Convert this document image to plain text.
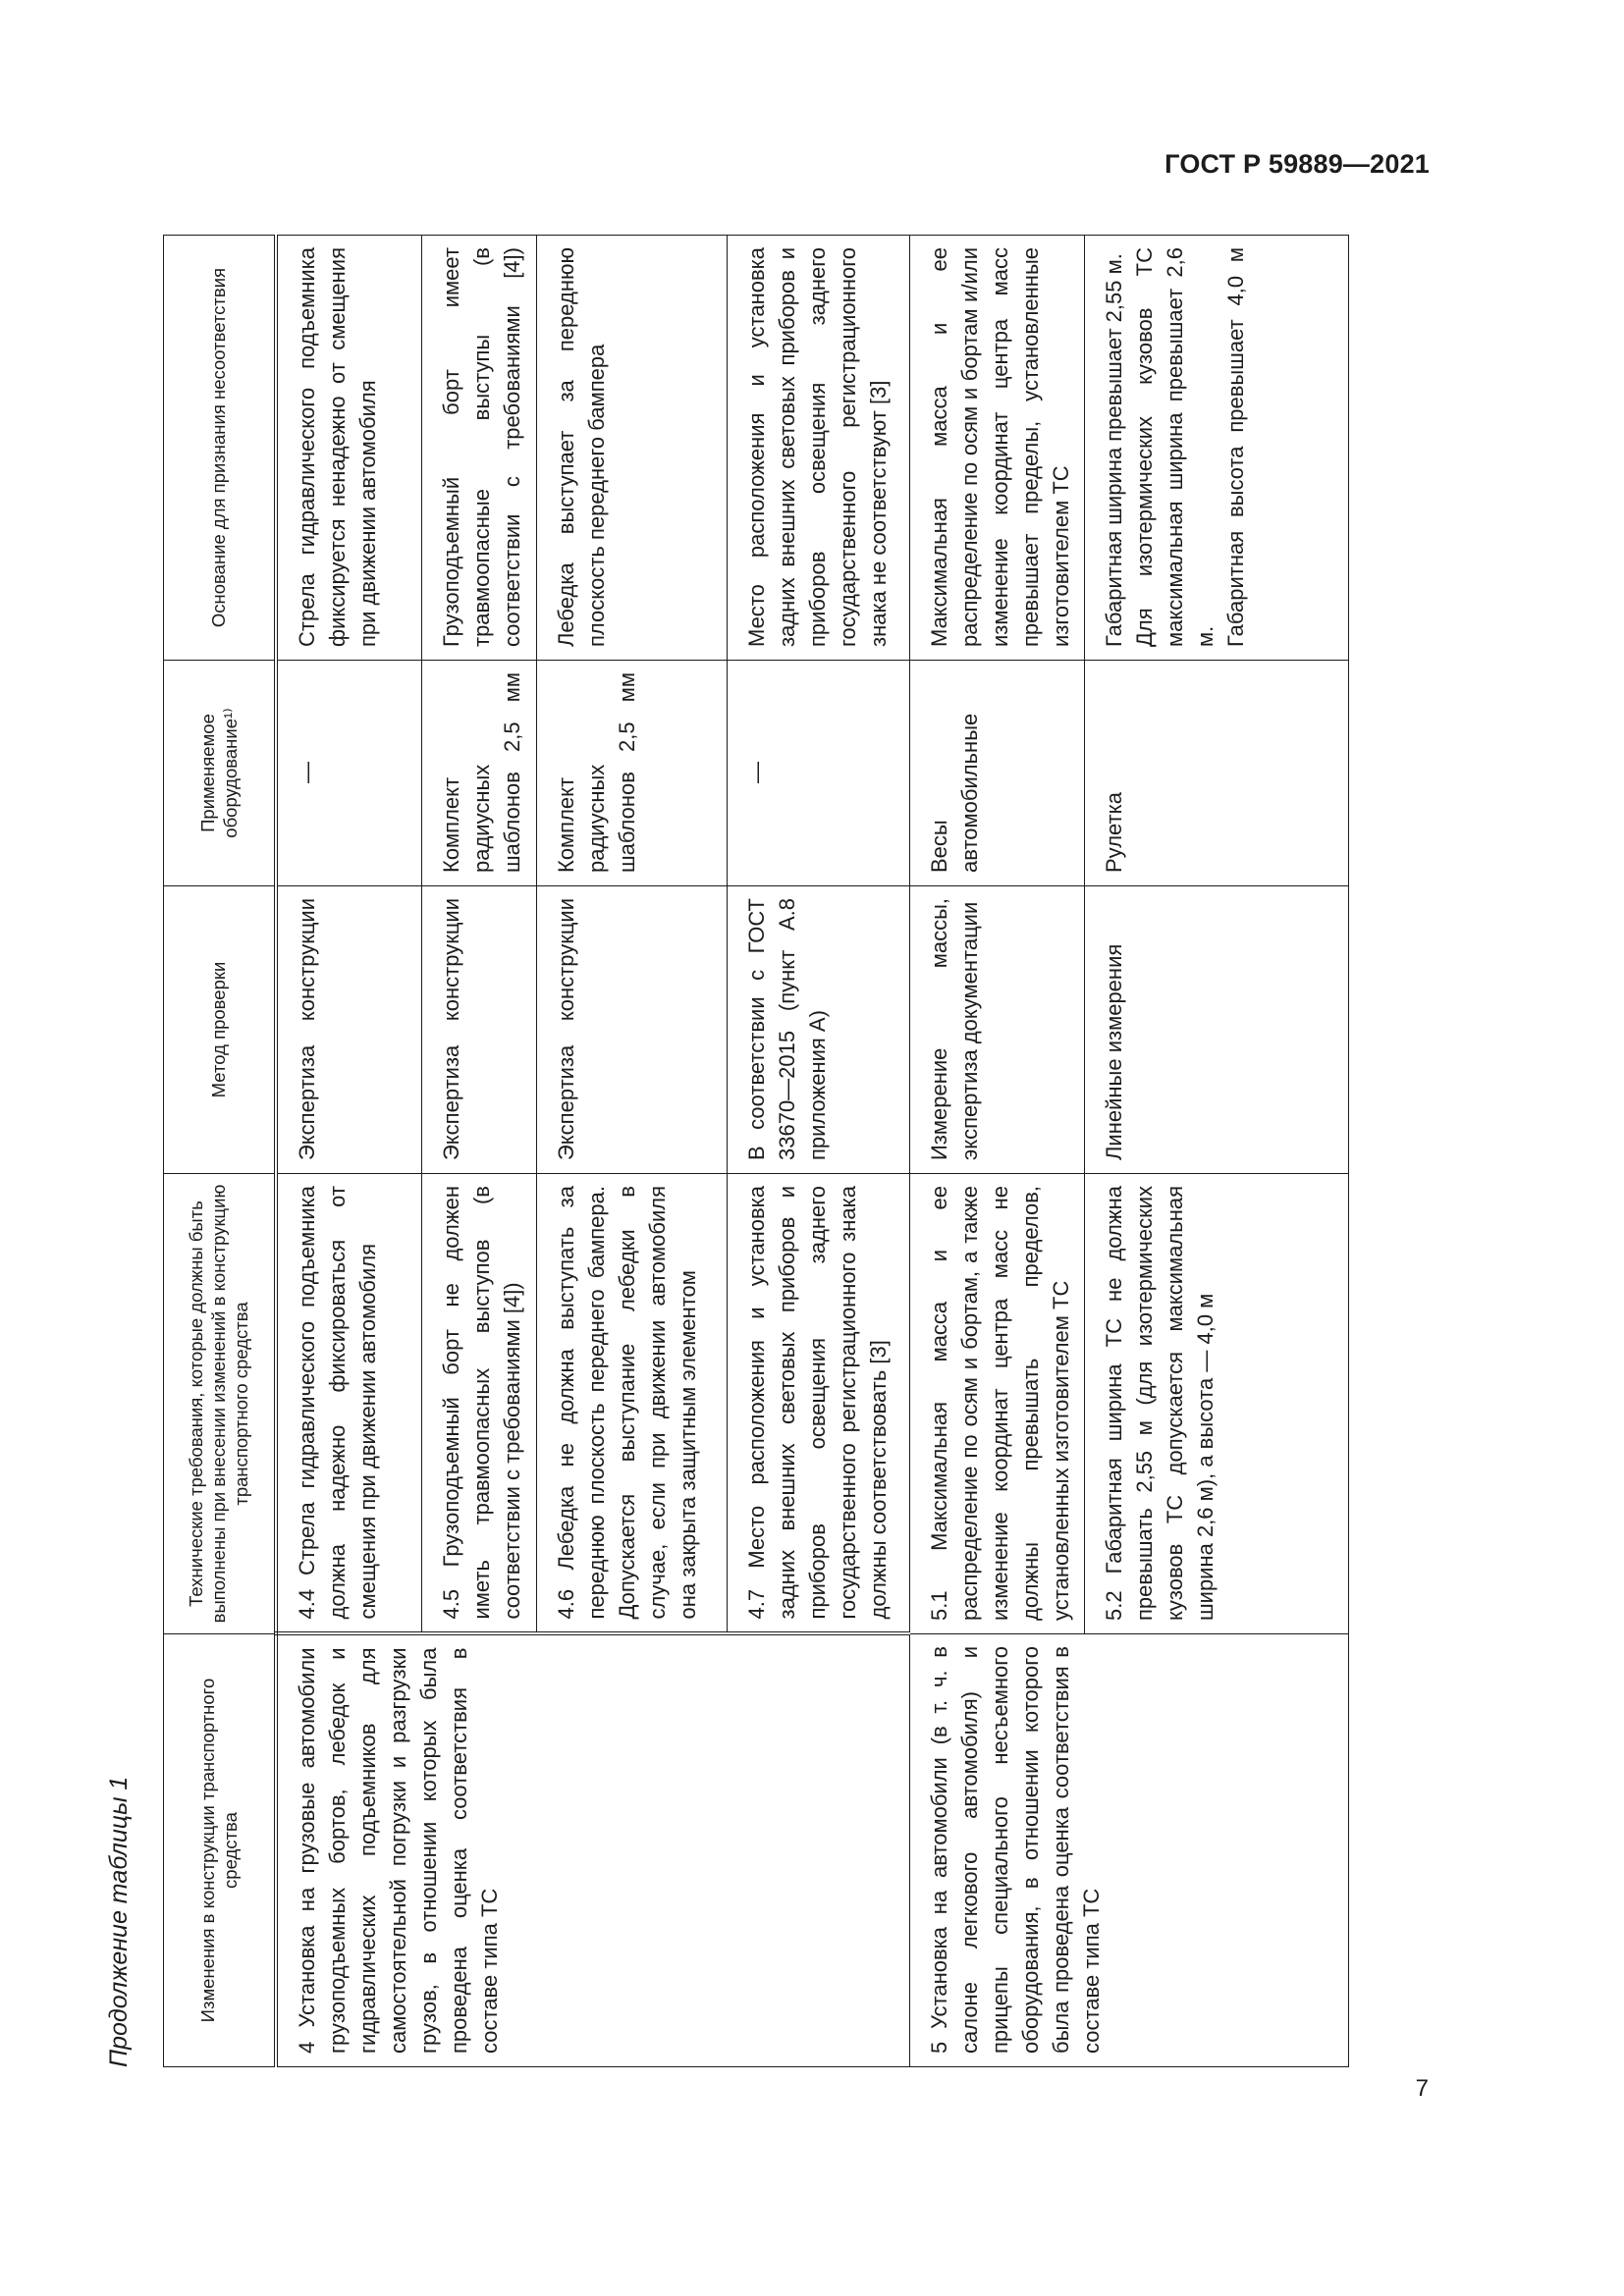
ГОСТ Р 59889—2021
7
Продолжение таблицы 1	Изменения в конструкции транспортного средства	Технические требования, которые должны быть выполнены при внесении изменений в конструкцию транспортного средства	Метод проверки	Применяемое оборудование¹⁾	Основание для признания несоответствия
4 Установка на грузовые автомобили грузоподъемных бортов, лебедок и гидравлических подъемников для самостоятельной погрузки и разгрузки грузов, в отношении которых была проведена оценка соответствия в составе типа ТС	4.4 Стрела гидравлического подъемника должна надежно фиксироваться от смещения при движении автомобиля	Экспертиза конструкции	—	Стрела гидравлического подъемника фиксируется ненадежно от смещения при движении автомобиля
	4.5 Грузоподъемный борт не должен иметь травмоопасных выступов (в соответствии с требованиями [4])	Экспертиза конструкции	Комплект радиусных шаблонов 2,5 мм	Грузоподъемный борт имеет травмоопасные выступы (в соответствии с требованиями [4])

	4.6 Лебедка не должна выступать за переднюю плоскость переднего бампера. Допускается выступание лебедки в случае, если при движении автомобиля она закрыта защитным элементом	Экспертиза конструкции	Комплект радиусных шаблонов 2,5 мм	Лебедка выступает за переднюю плоскость переднего бампера
	4.7 Место расположения и установка задних внешних световых приборов и приборов освещения заднего государственного регистрационного знака должны соответствовать [3]	В соответствии с ГОСТ 33670—2015 (пункт А.8 приложения А)	—	Место расположения и установка задних внешних световых приборов и приборов освещения заднего государственного регистрационного знака не соответствуют [3]
5 Установка на автомобили (в т. ч. в салоне легкового автомобиля) и прицепы специального несъемного оборудования, в отношении которого была проведена оценка соответствия в составе типа ТС	5.1 Максимальная масса и ее распределение по осям и бортам, а также изменение координат центра масс не должны превышать пределов, установленных изготовителем ТС	Измерение массы, экспертиза документации	Весы автомобильные	Максимальная масса и ее распределение по осям и бортам и/или изменение координат центра масс превышает пределы, установленные изготовителем ТС
	5.2 Габаритная ширина ТС не должна превышать 2,55 м (для изотермических кузовов ТС допускается максимальная ширина 2,6 м), а высота — 4,0 м	Линейные измерения	Рулетка	Габаритная ширина превышает 2,55 м. Для изотермических кузовов ТС максимальная ширина превышает 2,6 м. Габаритная высота превышает 4,0 м
